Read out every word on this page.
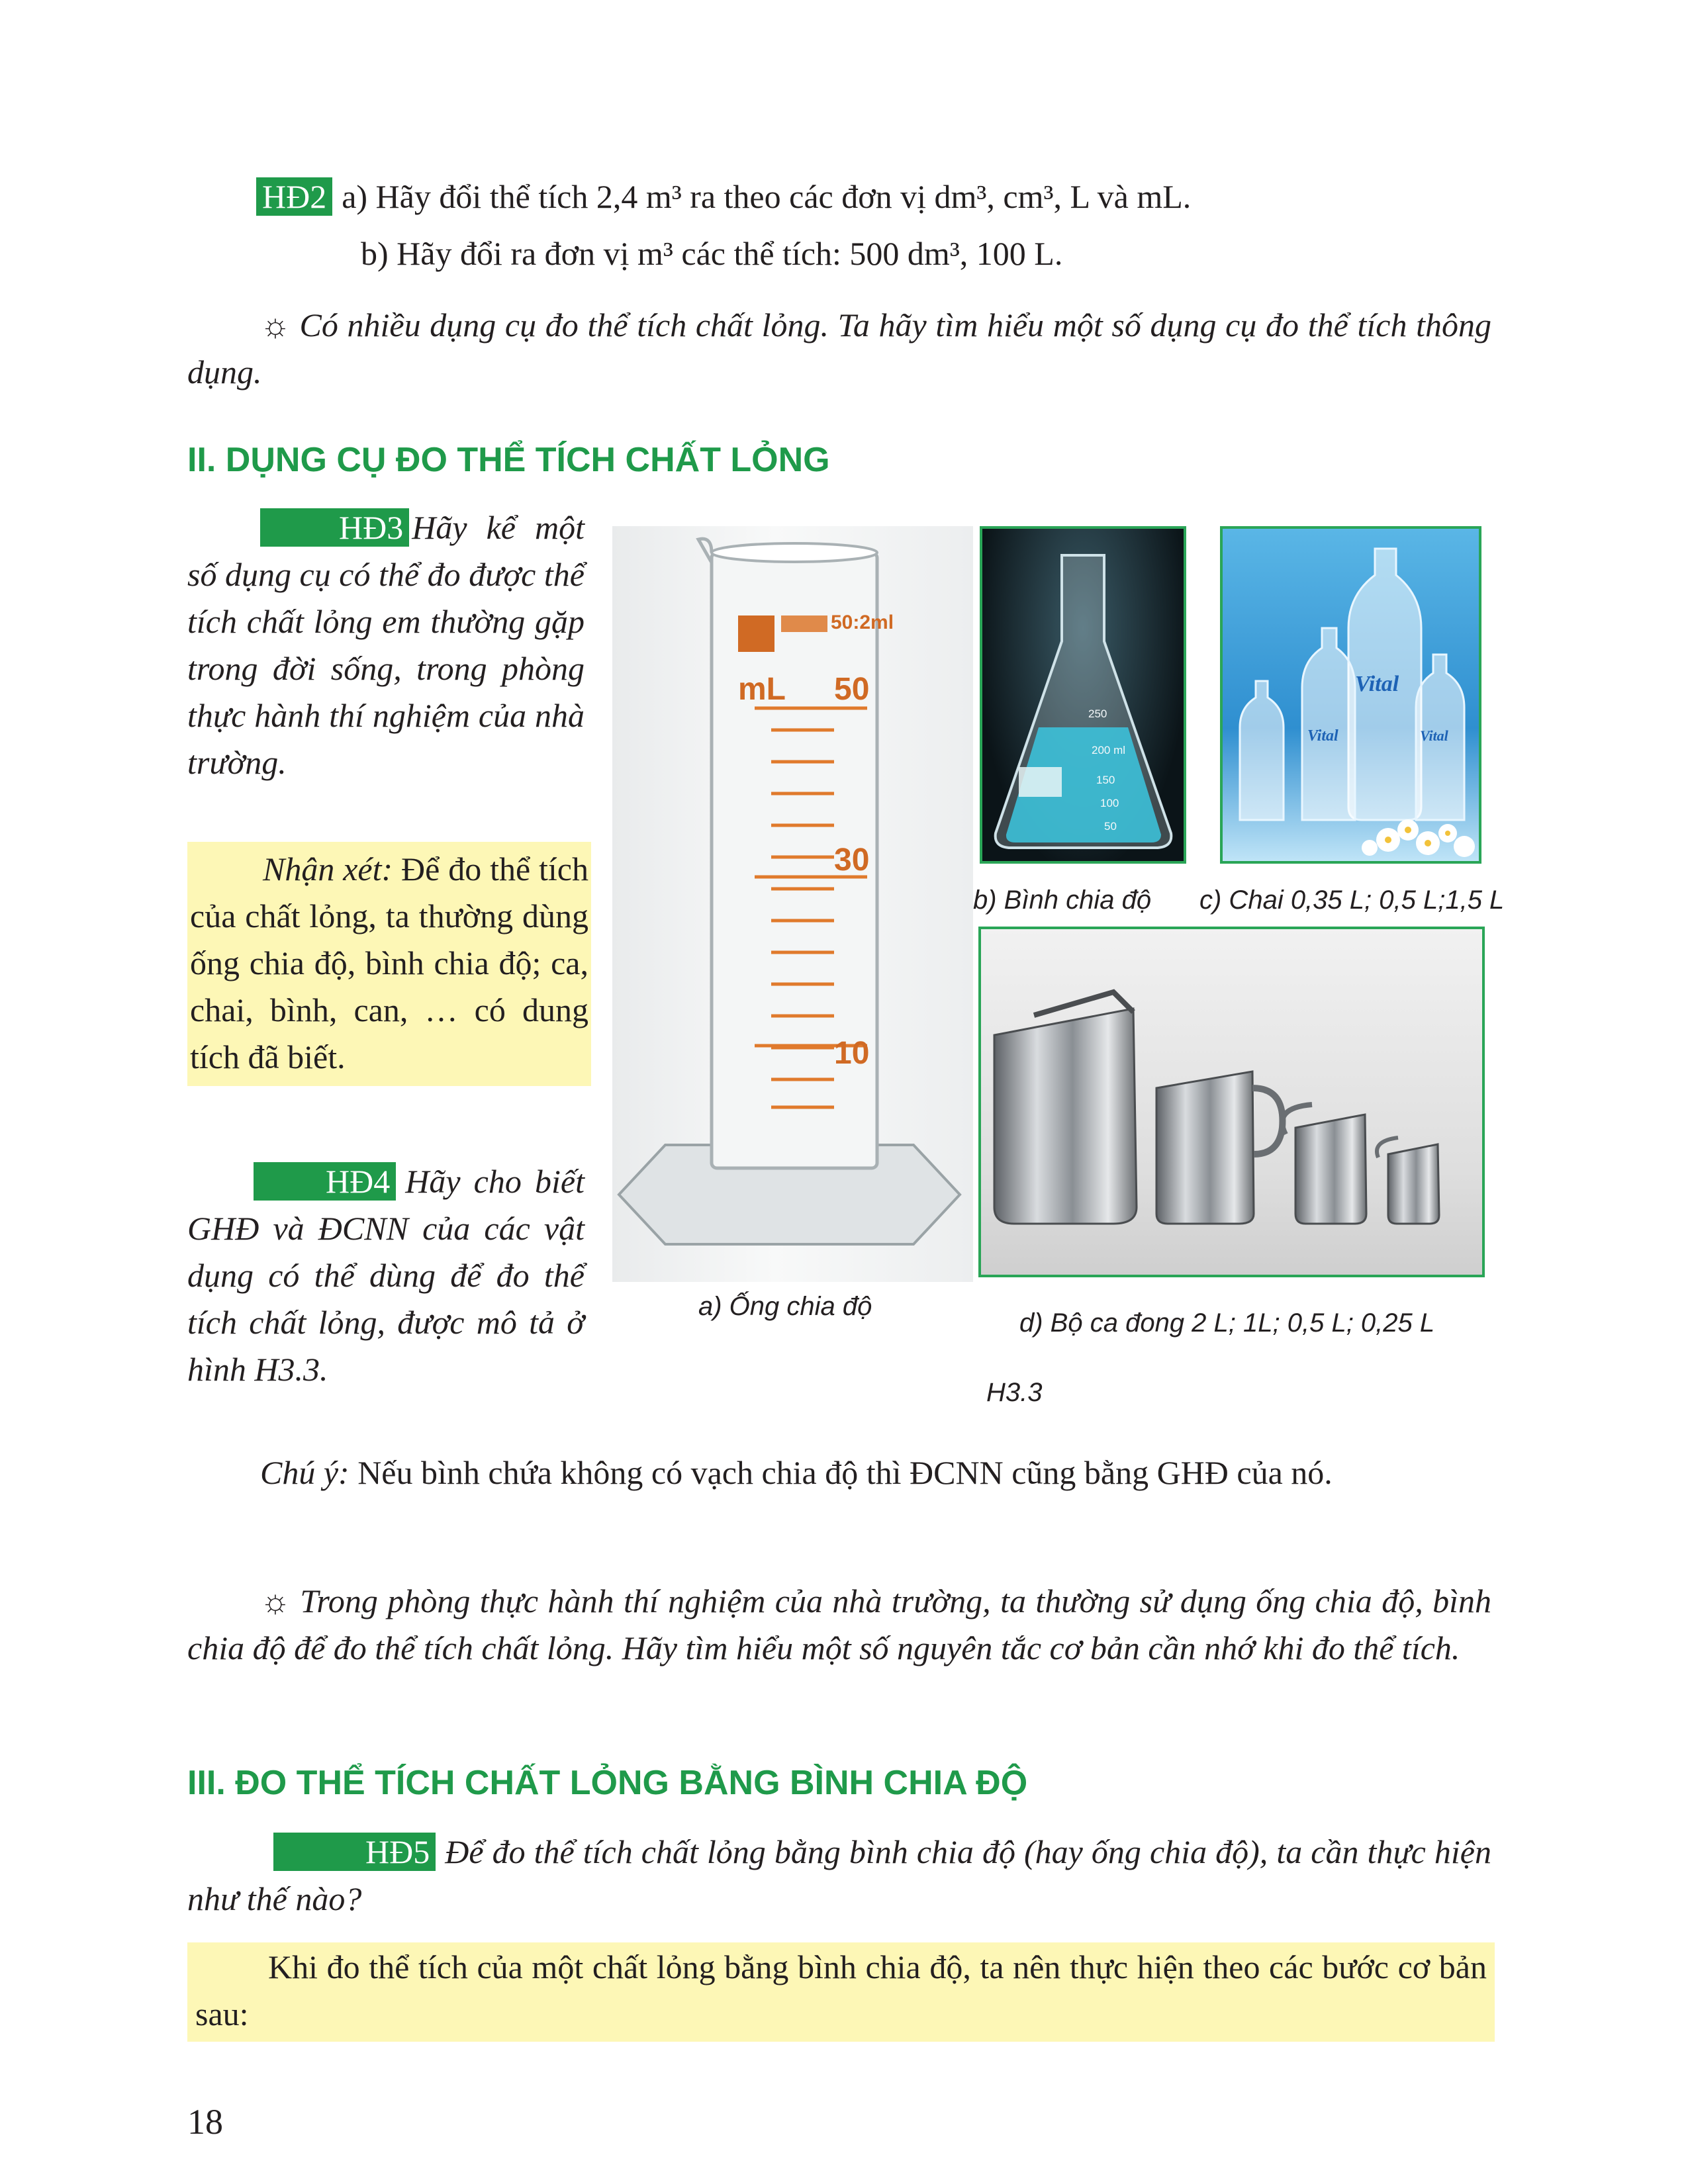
HĐ2 a) Hãy đổi thể tích 2,4 m³ ra theo các đơn vị dm³, cm³, L và mL.
b) Hãy đổi ra đơn vị m³ các thể tích: 500 dm³, 100 L.
☼ Có nhiều dụng cụ đo thể tích chất lỏng. Ta hãy tìm hiểu một số dụng cụ đo thể tích thông dụng.
II. DỤNG CỤ ĐO THỂ TÍCH CHẤT LỎNG
HĐ3 Hãy kể một số dụng cụ có thể đo được thể tích chất lỏng em thường gặp trong đời sống, trong phòng thực hành thí nghiệm của nhà trường.
Nhận xét: Để đo thể tích của chất lỏng, ta thường dùng ống chia độ, bình chia độ; ca, chai, bình, can, … có dung tích đã biết.
HĐ4 Hãy cho biết GHĐ và ĐCNN của các vật dụng có thể dùng để đo thể tích chất lỏng, được mô tả ở hình H3.3.
50:2ml
mL 50
30
10
a) Ống chia độ
250
200 ml
150
100
50
b) Bình chia độ
Vital
Vital	Vital
c) Chai 0,35 L; 0,5 L;1,5 L
d) Bộ ca đong 2 L; 1L; 0,5 L; 0,25 L
H3.3
Chú ý: Nếu bình chứa không có vạch chia độ thì ĐCNN cũng bằng GHĐ của nó.
☼ Trong phòng thực hành thí nghiệm của nhà trường, ta thường sử dụng ống chia độ, bình chia độ để đo thể tích chất lỏng. Hãy tìm hiểu một số nguyên tắc cơ bản cần nhớ khi đo thể tích.
III. ĐO THỂ TÍCH CHẤT LỎNG BẰNG BÌNH CHIA ĐỘ
HĐ5 Để đo thể tích chất lỏng bằng bình chia độ (hay ống chia độ), ta cần thực hiện như thế nào?
Khi đo thể tích của một chất lỏng bằng bình chia độ, ta nên thực hiện theo các bước cơ bản sau:
18
